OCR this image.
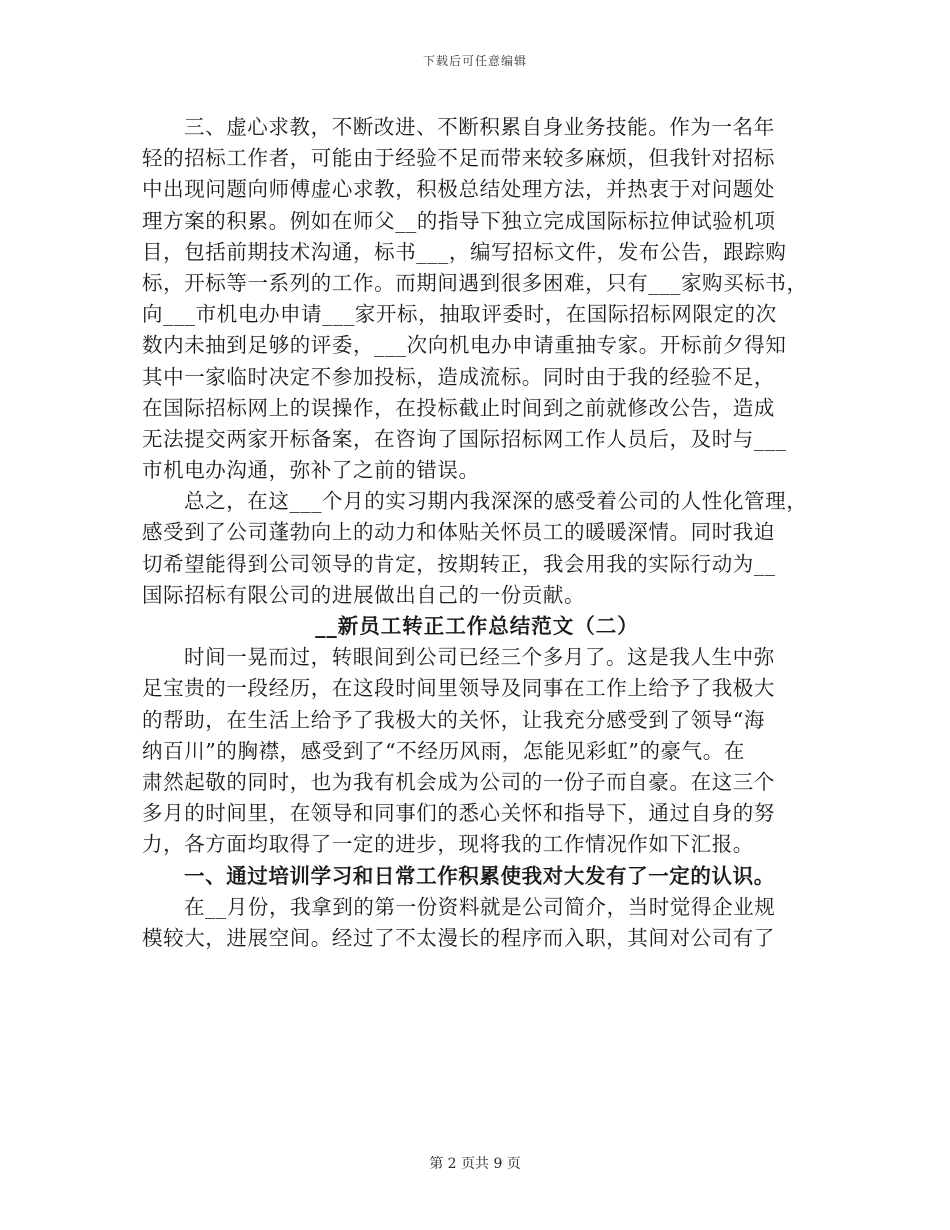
下载后可任意编辑
三、虚心求教，不断改进、不断积累自身业务技能。作为一名年
轻的招标工作者，可能由于经验不足而带来较多麻烦，但我针对招标
中出现问题向师傅虚心求教，积极总结处理方法，并热衷于对问题处
理方案的积累。例如在师父__的指导下独立完成国际标拉伸试验机项
目，包括前期技术沟通，标书___，编写招标文件，发布公告，跟踪购
标，开标等一系列的工作。而期间遇到很多困难，只有___家购买标书，
向___市机电办申请___家开标，抽取评委时，在国际招标网限定的次
数内未抽到足够的评委，___次向机电办申请重抽专家。开标前夕得知
其中一家临时决定不参加投标，造成流标。同时由于我的经验不足，
在国际招标网上的误操作，在投标截止时间到之前就修改公告，造成
无法提交两家开标备案，在咨询了国际招标网工作人员后，及时与___
市机电办沟通，弥补了之前的错误。
总之，在这___个月的实习期内我深深的感受着公司的人性化管理，
感受到了公司蓬勃向上的动力和体贴关怀员工的暖暖深情。同时我迫
切希望能得到公司领导的肯定，按期转正，我会用我的实际行动为__
国际招标有限公司的进展做出自己的一份贡献。
__新员工转正工作总结范文（二）
时间一晃而过，转眼间到公司已经三个多月了。这是我人生中弥
足宝贵的一段经历，在这段时间里领导及同事在工作上给予了我极大
的帮助，在生活上给予了我极大的关怀，让我充分感受到了领导“海
纳百川”的胸襟，感受到了“不经历风雨，怎能见彩虹”的豪气。在
肃然起敬的同时，也为我有机会成为公司的一份子而自豪。在这三个
多月的时间里，在领导和同事们的悉心关怀和指导下，通过自身的努
力，各方面均取得了一定的进步，现将我的工作情况作如下汇报。
一、通过培训学习和日常工作积累使我对大发有了一定的认识。
在__月份，我拿到的第一份资料就是公司简介，当时觉得企业规
模较大，进展空间。经过了不太漫长的程序而入职，其间对公司有了
第 2 页共 9 页
